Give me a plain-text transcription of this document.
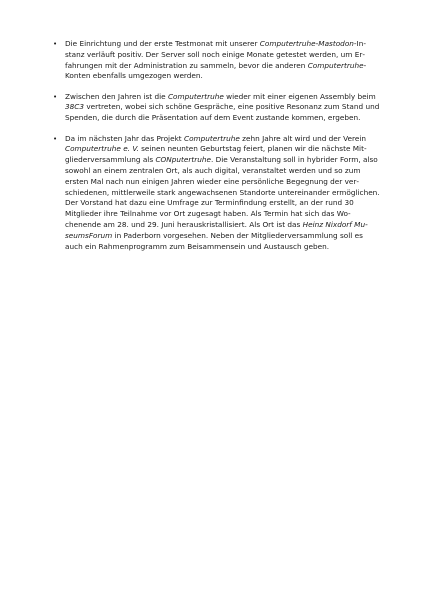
• Die Einrichtung und der erste Testmonat mit unserer Computertruhe-Mastodon-Instanz verläuft positiv. Der Server soll noch einige Monate getestet werden, um Erfahrungen mit der Administration zu sammeln, bevor die anderen Computertruhe-Konten ebenfalls umgezogen werden.
• Zwischen den Jahren ist die Computertruhe wieder mit einer eigenen Assembly beim 38C3 vertreten, wobei sich schöne Gespräche, eine positive Resonanz zum Stand und Spenden, die durch die Präsentation auf dem Event zustande kommen, ergeben.
• Da im nächsten Jahr das Projekt Computertruhe zehn Jahre alt wird und der Verein Computertruhe e. V. seinen neunten Geburtstag feiert, planen wir die nächste Mitgliederversammlung als CONputertruhe. Die Veranstaltung soll in hybrider Form, also sowohl an einem zentralen Ort, als auch digital, veranstaltet werden und so zum ersten Mal nach nun einigen Jahren wieder eine persönliche Begegnung der verschiedenen, mittlerweile stark angewachsenen Standorte untereinander ermöglichen. Der Vorstand hat dazu eine Umfrage zur Terminfindung erstellt, an der rund 30 Mitglieder ihre Teilnahme vor Ort zugesagt haben. Als Termin hat sich das Wochenende am 28. und 29. Juni herauskristallisiert. Als Ort ist das Heinz Nixdorf MuseumsForum in Paderborn vorgesehen. Neben der Mitgliederversammlung soll es auch ein Rahmenprogramm zum Beisammensein und Austausch geben.
